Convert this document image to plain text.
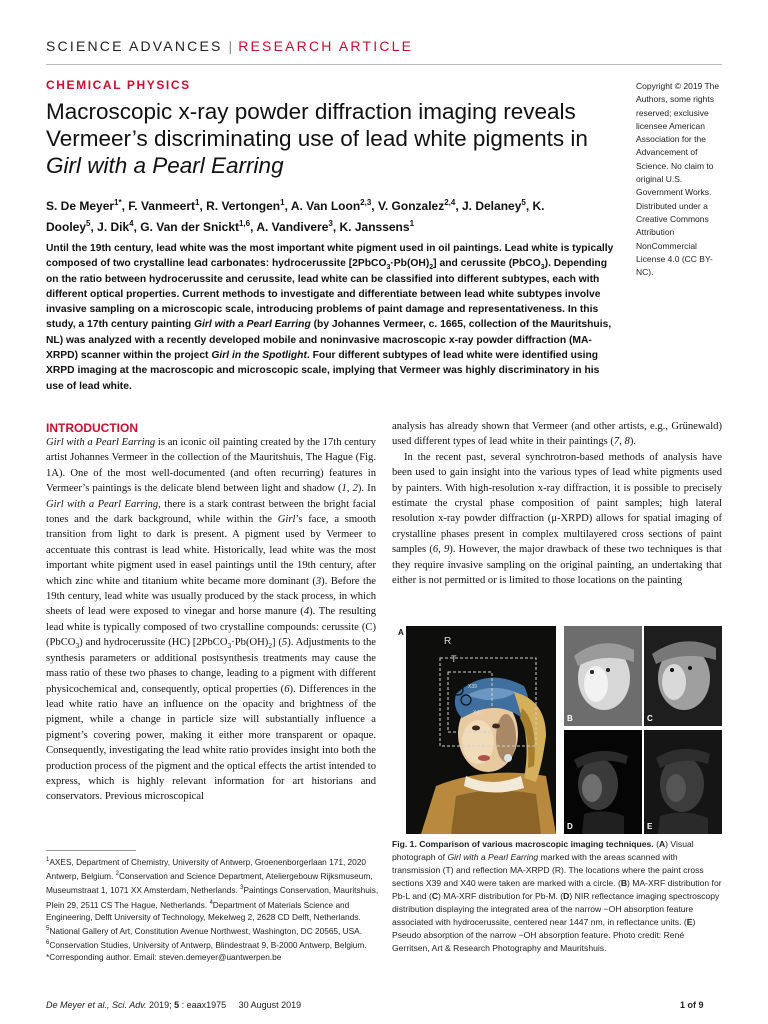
SCIENCE ADVANCES | RESEARCH ARTICLE
CHEMICAL PHYSICS
Macroscopic x-ray powder diffraction imaging reveals Vermeer’s discriminating use of lead white pigments in Girl with a Pearl Earring
S. De Meyer$^{1*}$, F. Vanmeert$^1$, R. Vertongen$^1$, A. Van Loon$^{2,3}$, V. Gonzalez$^{2,4}$, J. Delaney$^5$, K. Dooley$^5$, J. Dik$^4$, G. Van der Snickt$^{1,6}$, A. Vandivere$^3$, K. Janssens$^1$
Until the 19th century, lead white was the most important white pigment used in oil paintings. Lead white is typically composed of two crystalline lead carbonates: hydrocerussite $[2PbCO_3\cdot Pb(OH)_2]$ and cerussite (PbCO$_3$). Depending on the ratio between hydrocerussite and cerussite, lead white can be classified into different subtypes, each with different optical properties. Current methods to investigate and differentiate between lead white subtypes involve invasive sampling on a microscopic scale, introducing problems of paint damage and representativeness. In this study, a 17th century painting Girl with a Pearl Earring (by Johannes Vermeer, c. 1665, collection of the Mauritshuis, NL) was analyzed with a recently developed mobile and noninvasive macroscopic x-ray powder diffraction (MA-XRPD) scanner within the project Girl in the Spotlight. Four different subtypes of lead white were identified using XRPD imaging at the macroscopic and microscopic scale, implying that Vermeer was highly discriminatory in his use of lead white.
Copyright © 2019 The Authors, some rights reserved; exclusive licensee American Association for the Advancement of Science. No claim to original U.S. Government Works. Distributed under a Creative Commons Attribution NonCommercial License 4.0 (CC BY-NC).
INTRODUCTION

Girl with a Pearl Earring is an iconic oil painting created by the 17th century artist Johannes Vermeer in the collection of the Mauritshuis, The Hague (Fig. 1A). One of the most well-documented (and often recurring) features in Vermeer’s paintings is the delicate blend between light and shadow (1, 2). In Girl with a Pearl Earring, there is a stark contrast between the bright facial tones and the dark background, while within the Girl’s face, a smooth transition from light to dark is present. A pigment used by Vermeer to accentuate this contrast is lead white. Historically, lead white was the most important white pigment used in easel paintings until the 19th century, after which zinc white and titanium white became more dominant (3). Before the 19th century, lead white was usually produced by the stack process, in which sheets of lead were exposed to vinegar and horse manure (4). The resulting lead white is typically composed of two crystalline compounds: cerussite (C) (PbCO$_3$) and hydrocerussite (HC) $[2PbCO_3\cdot Pb(OH)_2]$ (5). Adjustments to the synthesis parameters or additional postsynthesis treatments may cause the mass ratio of these two phases to change, leading to a pigment with different physicochemical and, consequently, optical properties (6). Differences in the lead white ratio have an influence on the opacity and brightness of the pigment, while a change in particle size will substantially influence a pigment’s covering power, making it either more transparent or opaque. Consequently, investigating the lead white ratio provides insight into both the production process of the pigment and the optical effects the artist intended to express, which is highly relevant information for art historians and conservators. Previous microscopical

analysis has already shown that Vermeer (and other artists, e.g., Grünewald) used different types of lead white in their paintings (7, 8).

In the recent past, several synchrotron-based methods of analysis have been used to gain insight into the various types of lead white pigments used by painters. With high-resolution x-ray diffraction, it is possible to precisely estimate the crystal phase composition of paint samples; high lateral resolution x-ray powder diffraction (μ-XRPD) allows for spatial imaging of crystalline phases present in complex multilayered cross sections of paint samples (6, 9). However, the major drawback of these two techniques is that they require invasive sampling on the original painting, an undertaking that either is not permitted or is limited to those locations on the painting

A
R
T
X39
X40
B	C
D	E
Fig. 1. Comparison of various macroscopic imaging techniques. (A) Visual photograph of Girl with a Pearl Earring marked with the areas scanned with transmission (T) and reflection MA-XRPD (R). The locations where the paint cross sections X39 and X40 were taken are marked with a circle. (B) MA-XRF distribution for Pb-L and (C) MA-XRF distribution for Pb-M. (D) NIR reflectance imaging spectroscopy distribution displaying the integrated area of the narrow −OH absorption feature associated with hydrocerussite, centered near 1447 nm, in reflectance units. (E) Pseudo absorption of the narrow −OH absorption feature. Photo credit: René Gerritsen, Art & Research Photography and Mauritshuis.
$^1$AXES, Department of Chemistry, University of Antwerp, Groenenborgerlaan 171, 2020 Antwerp, Belgium. $^2$Conservation and Science Department, Ateliergebouw Rijksmuseum, Museumstraat 1, 1071 XX Amsterdam, Netherlands. $^3$Paintings Conservation, Mauritshuis, Plein 29, 2511 CS The Hague, Netherlands. $^4$Department of Materials Science and Engineering, Delft University of Technology, Mekelweg 2, 2628 CD Delft, Netherlands. $^5$National Gallery of Art, Constitution Avenue Northwest, Washington, DC 20565, USA. $^6$Conservation Studies, University of Antwerp, Blindestraat 9, B-2000 Antwerp, Belgium.
*Corresponding author. Email: steven.demeyer@uantwerpen.be
De Meyer et al., Sci. Adv. 2019; 5 : eaax1975     30 August 2019	1 of 9
